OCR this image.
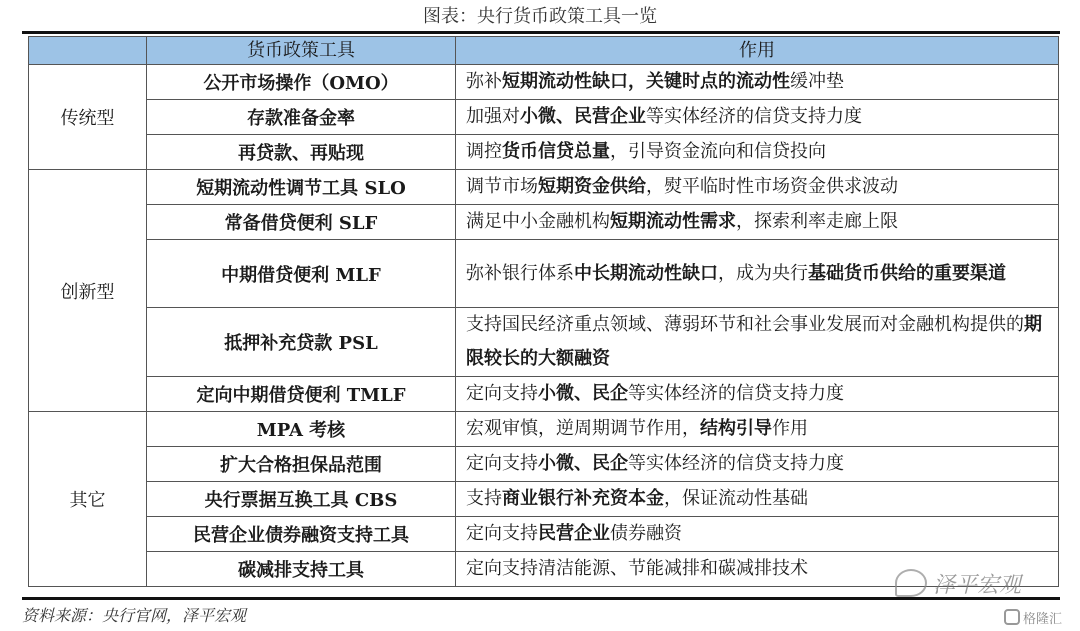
图表：央行货币政策工具一览
	货币政策工具	作用
传统型	公开市场操作（OMO）	弥补短期流动性缺口，关键时点的流动性缓冲垫
	存款准备金率	加强对小微、民营企业等实体经济的信贷支持力度
	再贷款、再贴现	调控货币信贷总量，引导资金流向和信贷投向
创新型	短期流动性调节工具 SLO	调节市场短期资金供给，熨平临时性市场资金供求波动
	常备借贷便利 SLF	满足中小金融机构短期流动性需求，探索利率走廊上限
	中期借贷便利 MLF	弥补银行体系中长期流动性缺口，成为央行基础货币供给的重要渠道
	抵押补充贷款 PSL	支持国民经济重点领域、薄弱环节和社会事业发展而对金融机构提供的期限较长的大额融资
	定向中期借贷便利 TMLF	定向支持小微、民企等实体经济的信贷支持力度
其它	MPA 考核	宏观审慎，逆周期调节作用，结构引导作用
	扩大合格担保品范围	定向支持小微、民企等实体经济的信贷支持力度
	央行票据互换工具 CBS	支持商业银行补充资本金，保证流动性基础
	民营企业债券融资支持工具	定向支持民营企业债券融资
	碳减排支持工具	定向支持清洁能源、节能减排和碳减排技术
资料来源：央行官网，泽平宏观
泽平宏观
格隆汇
